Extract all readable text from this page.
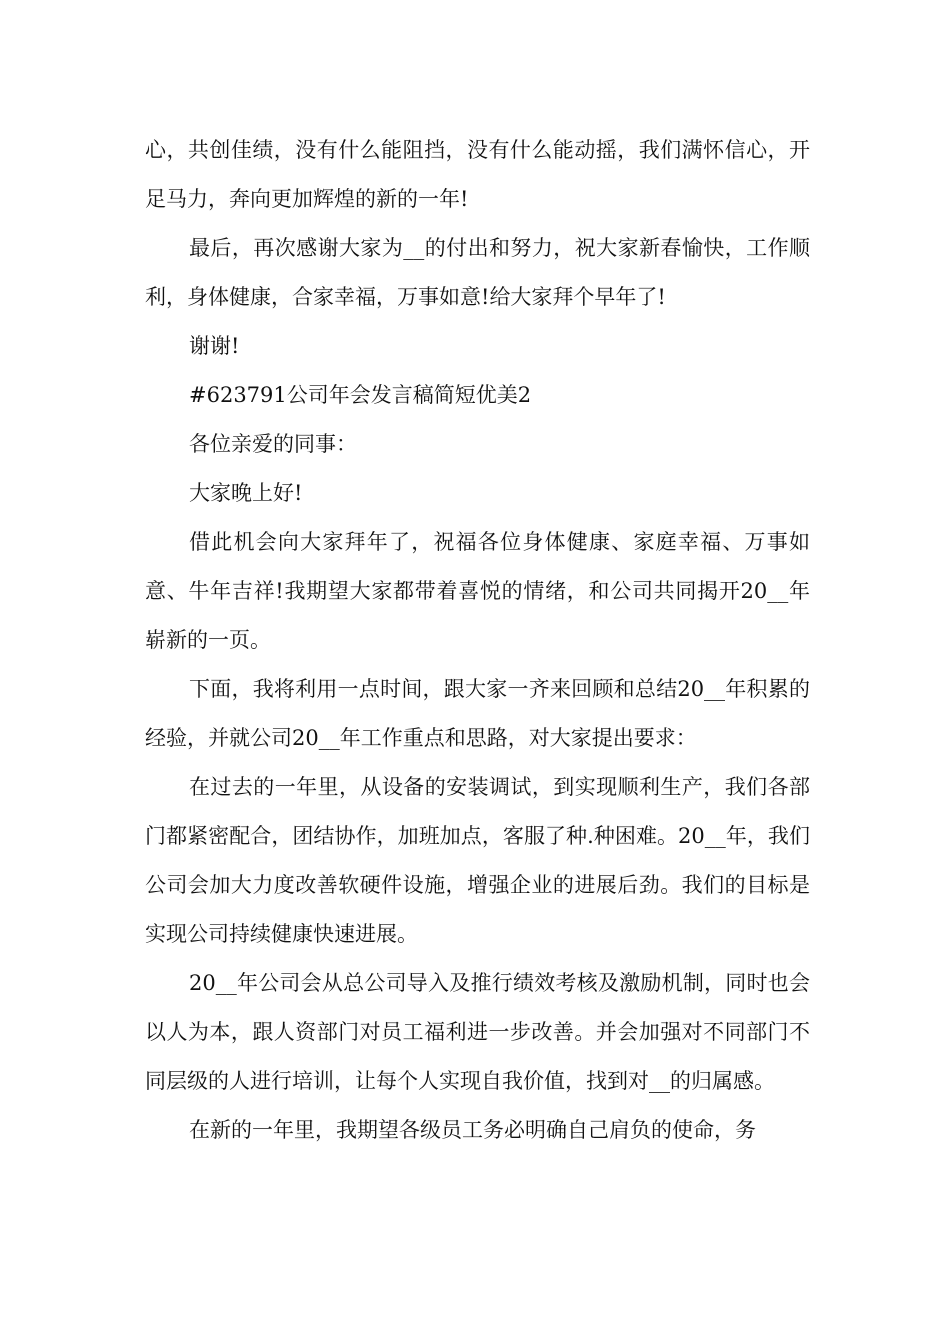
心，共创佳绩，没有什么能阻挡，没有什么能动摇，我们满怀信心，开足马力，奔向更加辉煌的新的一年!

最后，再次感谢大家为__的付出和努力，祝大家新春愉快，工作顺利，身体健康，合家幸福，万事如意!给大家拜个早年了!

谢谢!

#623791公司年会发言稿简短优美2

各位亲爱的同事：

大家晚上好!

借此机会向大家拜年了，祝福各位身体健康、家庭幸福、万事如意、牛年吉祥!我期望大家都带着喜悦的情绪，和公司共同揭开20__年崭新的一页。

下面，我将利用一点时间，跟大家一齐来回顾和总结20__年积累的经验，并就公司20__年工作重点和思路，对大家提出要求：

在过去的一年里，从设备的安装调试，到实现顺利生产，我们各部门都紧密配合，团结协作，加班加点，客服了种.种困难。20__年，我们公司会加大力度改善软硬件设施，增强企业的进展后劲。我们的目标是实现公司持续健康快速进展。

20__年公司会从总公司导入及推行绩效考核及激励机制，同时也会以人为本，跟人资部门对员工福利进一步改善。并会加强对不同部门不同层级的人进行培训，让每个人实现自我价值，找到对__的归属感。

在新的一年里，我期望各级员工务必明确自己肩负的使命，务
